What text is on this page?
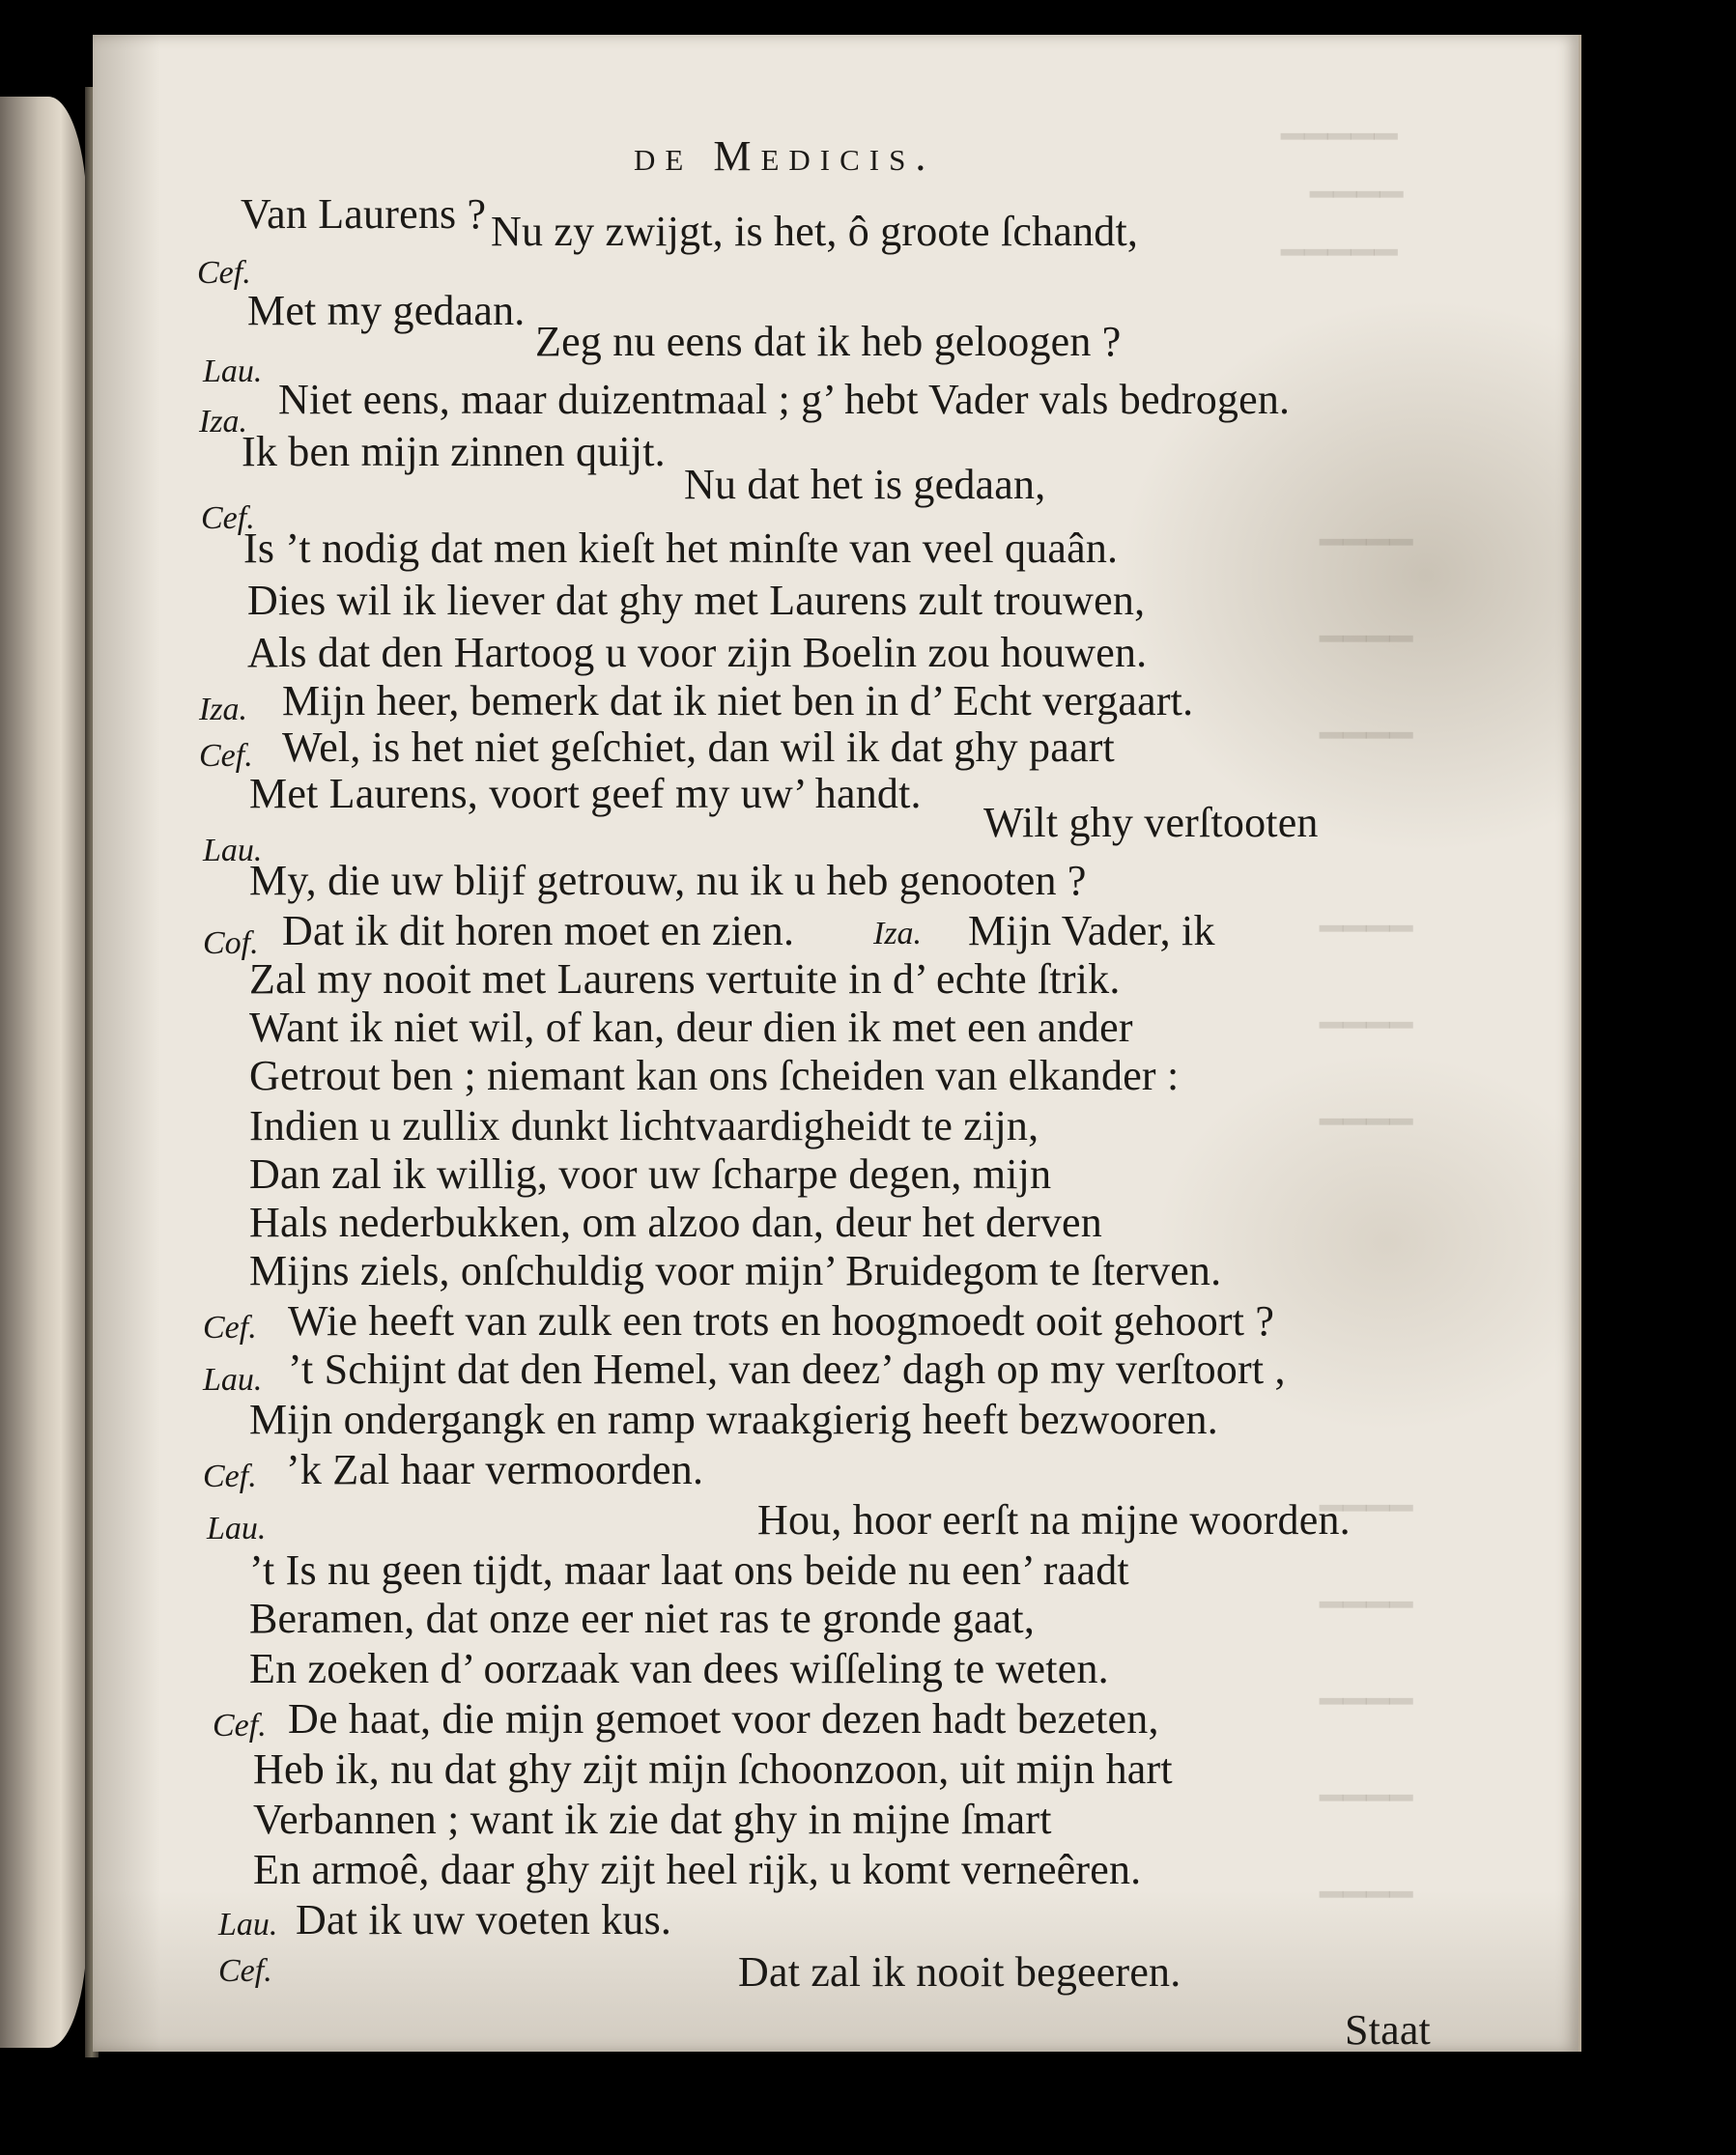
━━━━━
━━━━
━━━━━
━━━━
━━━━
━━━━
━━━━
━━━━
━━━━
━━━━
━━━━
━━━━
━━━━
━━━━
de Medicis.
Van Laurens ? Nu zy zwijgt, is het, ô groote ſchandt,
Cef.
Met my gedaan.
Zeg nu eens dat ik heb geloogen ?
Lau.
Iza. Niet eens, maar duizentmaal ; g’ hebt Vader vals bedrogen.
Ik ben mijn zinnen quijt.
Nu dat het is gedaan,
Cef.
Is ’t nodig dat men kieſt het minſte van veel quaân.
Dies wil ik liever dat ghy met Laurens zult trouwen,
Als dat den Hartoog u voor zijn Boelin zou houwen.
Iza. Mijn heer, bemerk dat ik niet ben in d’ Echt vergaart.
Cef. Wel, is het niet geſchiet, dan wil ik dat ghy paart
Met Laurens, voort geef my uw’ handt.
Wilt ghy verſtooten
Lau.
My, die uw blijf getrouw, nu ik u heb genooten ?
Cof. Dat ik dit horen moet en zien. Iza. Mijn Vader, ik
Zal my nooit met Laurens vertuite in d’ echte ſtrik.
Want ik niet wil, of kan, deur dien ik met een ander
Getrout ben ; niemant kan ons ſcheiden van elkander :
Indien u zullix dunkt lichtvaardigheidt te zijn,
Dan zal ik willig, voor uw ſcharpe degen, mijn
Hals nederbukken, om alzoo dan, deur het derven
Mijns ziels, onſchuldig voor mijn’ Bruidegom te ſterven.
Cef. Wie heeft van zulk een trots en hoogmoedt ooit gehoort ?
Lau. ’t Schijnt dat den Hemel, van deez’ dagh op my verſtoort ,
Mijn ondergangk en ramp wraakgierig heeft bezwooren.
Cef. ’k Zal haar vermoorden.
Lau.	Hou, hoor eerſt na mijne woorden.
’t Is nu geen tijdt, maar laat ons beide nu een’ raadt
Beramen, dat onze eer niet ras te gronde gaat,
En zoeken d’ oorzaak van dees wiſſeling te weten.
Cef. De haat, die mijn gemoet voor dezen hadt bezeten,
Heb ik, nu dat ghy zijt mijn ſchoonzoon, uit mijn hart
Verbannen ; want ik zie dat ghy in mijne ſmart
En armoê, daar ghy zijt heel rijk, u komt verneêren.
Lau. Dat ik uw voeten kus.
Cef.	Dat zal ik nooit begeeren.
Staat
